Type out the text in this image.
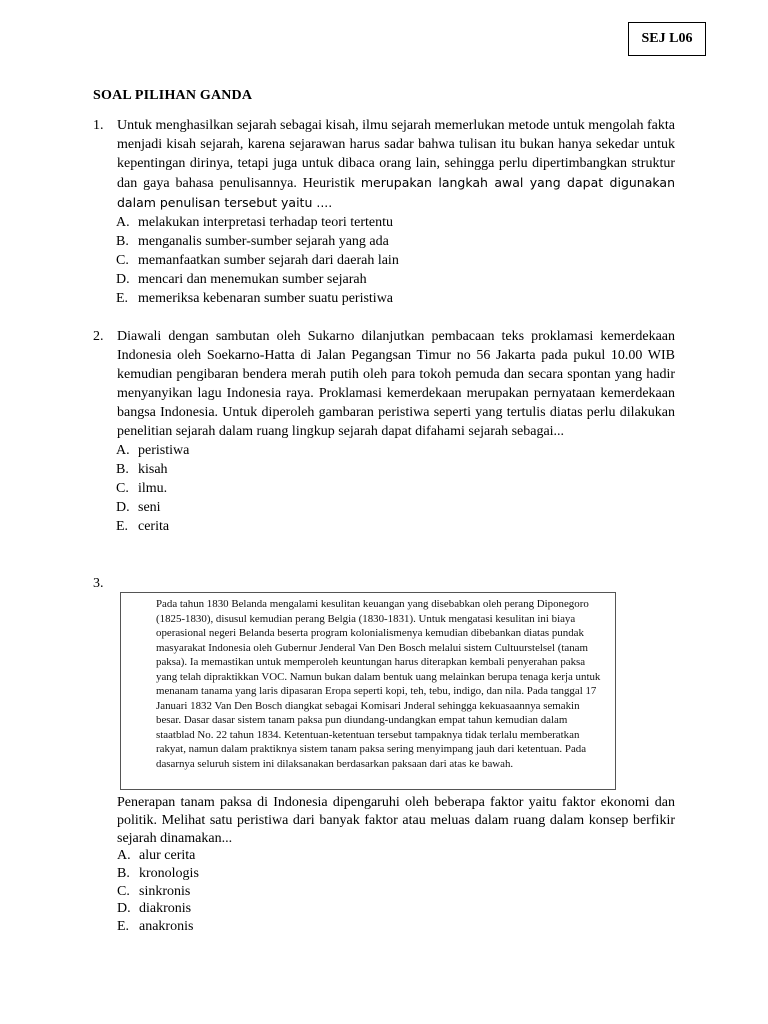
SEJ L06
SOAL PILIHAN GANDA
1. Untuk menghasilkan sejarah sebagai kisah, ilmu sejarah memerlukan metode untuk mengolah fakta menjadi kisah sejarah, karena sejarawan harus sadar bahwa tulisan itu bukan hanya sekedar untuk kepentingan dirinya, tetapi juga untuk dibaca orang lain, sehingga perlu dipertimbangkan struktur dan gaya bahasa penulisannya. Heuristik merupakan langkah awal yang dapat digunakan dalam penulisan tersebut yaitu ....
A. melakukan interpretasi terhadap teori tertentu
B. menganalis sumber-sumber sejarah yang ada
C. memanfaatkan sumber sejarah dari daerah lain
D. mencari dan menemukan sumber sejarah
E. memeriksa kebenaran sumber suatu peristiwa
2. Diawali dengan sambutan oleh Sukarno dilanjutkan pembacaan teks proklamasi kemerdekaan Indonesia oleh Soekarno-Hatta di Jalan Pegangsan Timur no 56 Jakarta pada pukul 10.00 WIB kemudian pengibaran bendera merah putih oleh para tokoh pemuda dan secara spontan yang hadir menyanyikan lagu Indonesia raya. Proklamasi kemerdekaan merupakan pernyataan kemerdekaan bangsa Indonesia. Untuk diperoleh gambaran peristiwa seperti yang tertulis diatas perlu dilakukan penelitian sejarah dalam ruang lingkup sejarah dapat difahami sejarah sebagai...
A. peristiwa
B. kisah
C. ilmu.
D. seni
E. cerita
3.
Pada tahun 1830 Belanda mengalami kesulitan keuangan yang disebabkan oleh perang Diponegoro (1825-1830), disusul kemudian perang Belgia (1830-1831). Untuk mengatasi kesulitan ini biaya operasional negeri Belanda beserta program kolonialismenya kemudian dibebankan diatas pundak masyarakat Indonesia oleh Gubernur Jenderal Van Den Bosch melalui sistem Cultuurstelsel (tanam paksa). Ia memastikan untuk memperoleh keuntungan harus diterapkan kembali penyerahan paksa yang telah dipraktikkan VOC. Namun bukan dalam bentuk uang melainkan berupa tenaga kerja untuk menanam tanama yang laris dipasaran Eropa seperti kopi, teh, tebu, indigo, dan nila. Pada tanggal 17 Januari 1832 Van Den Bosch diangkat sebagai Komisari Jnderal sehingga kekuasaannya semakin besar. Dasar dasar sistem tanam paksa pun diundang-undangkan empat tahun kemudian dalam staatblad No. 22 tahun 1834. Ketentuan-ketentuan tersebut tampaknya tidak terlalu memberatkan rakyat, namun dalam praktiknya sistem tanam paksa sering menyimpang jauh dari ketentuan. Pada dasarnya seluruh sistem ini dilaksanakan berdasarkan paksaan dari atas ke bawah.
Penerapan tanam paksa di Indonesia dipengaruhi oleh beberapa faktor yaitu faktor ekonomi dan politik. Melihat satu peristiwa dari banyak faktor atau meluas dalam ruang dalam konsep berfikir sejarah dinamakan...
A. alur cerita
B. kronologis
C. sinkronis
D. diakronis
E. anakronis
